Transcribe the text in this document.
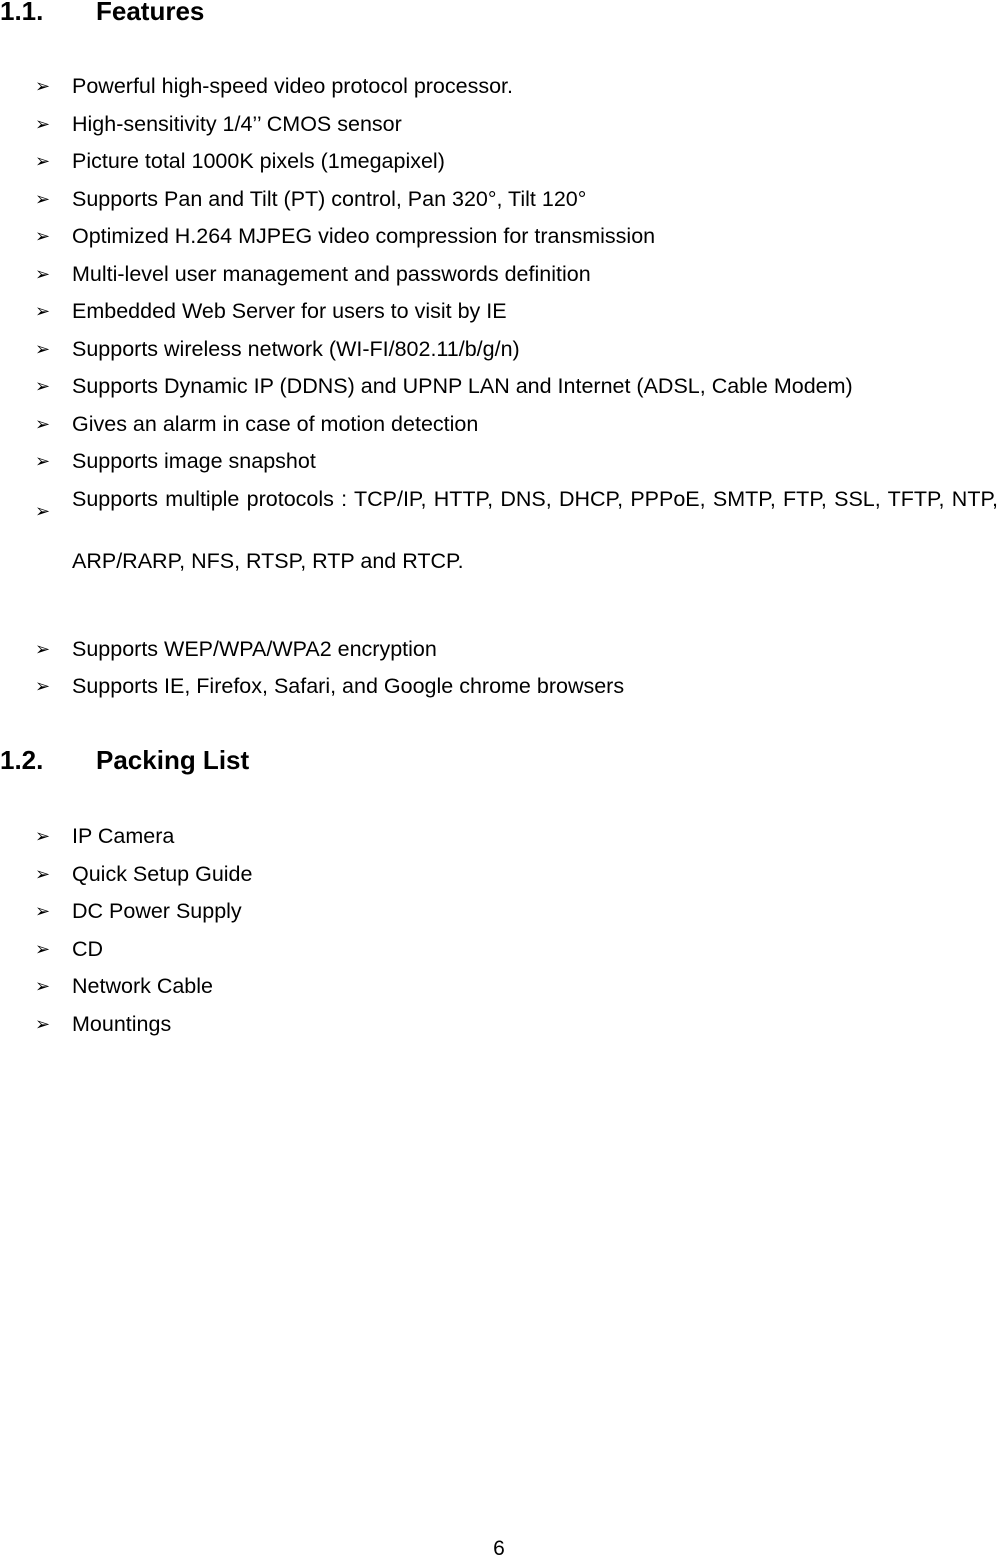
1.1. Features
➢	Powerful high-speed video protocol processor.
➢	High-sensitivity 1/4’’ CMOS sensor
➢	Picture total 1000K pixels (1megapixel)
➢	Supports Pan and Tilt (PT) control, Pan 320°, Tilt 120°
➢	Optimized H.264 MJPEG video compression for transmission
➢	Multi-level user management and passwords definition
➢	Embedded Web Server for users to visit by IE
➢	Supports wireless network (WI-FI/802.11/b/g/n)
➢	Supports Dynamic IP (DDNS) and UPNP LAN and Internet (ADSL, Cable Modem)
➢	Gives an alarm in case of motion detection
➢	Supports image snapshot
➢	Supports multiple protocols : TCP/IP, HTTP, DNS, DHCP, PPPoE, SMTP, FTP, SSL, TFTP, NTP, ARP/RARP, NFS, RTSP, RTP and RTCP.
➢	Supports WEP/WPA/WPA2 encryption
➢	Supports IE, Firefox, Safari, and Google chrome browsers
1.2. Packing List
➢	IP Camera
➢	Quick Setup Guide
➢	DC Power Supply
➢	CD
➢	Network Cable
➢	Mountings
6
